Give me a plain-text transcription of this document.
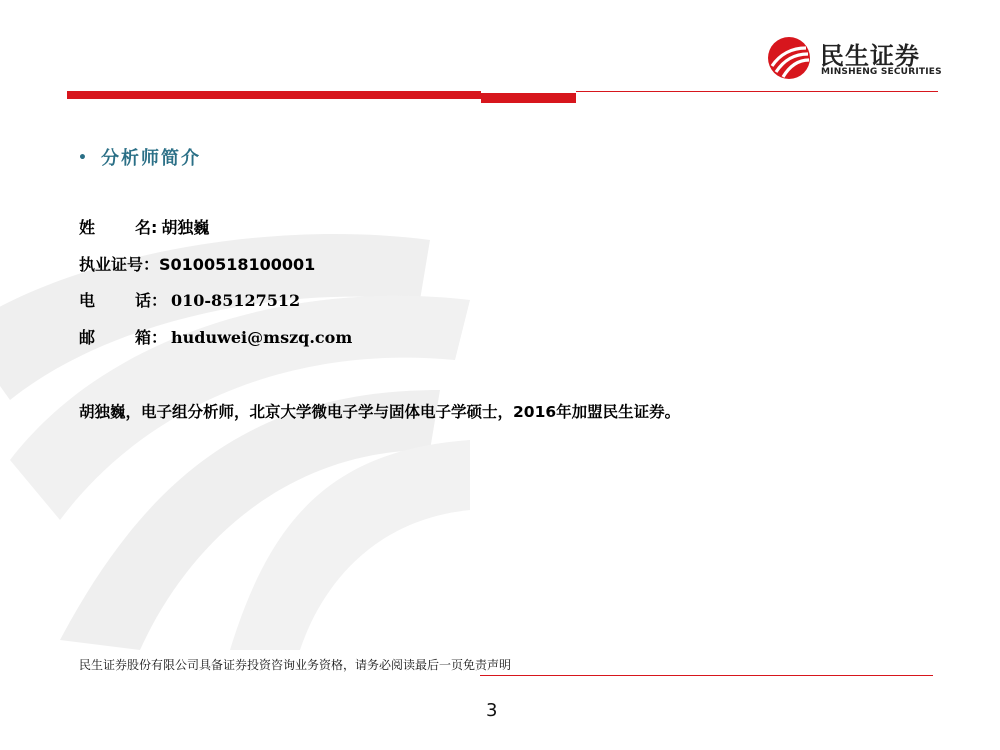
民生证券
MINSHENG SECURITIES
• 分析师简介
姓 名 : 胡独巍
执业证号：S0100518100001
电 话 ： 010-85127512
邮 箱 ： huduwei@mszq.com
胡独巍，电子组分析师，北京大学微电子学与固体电子学硕士，2016年加盟民生证券。
民生证券股份有限公司具备证券投资咨询业务资格，请务必阅读最后一页免责声明
3
